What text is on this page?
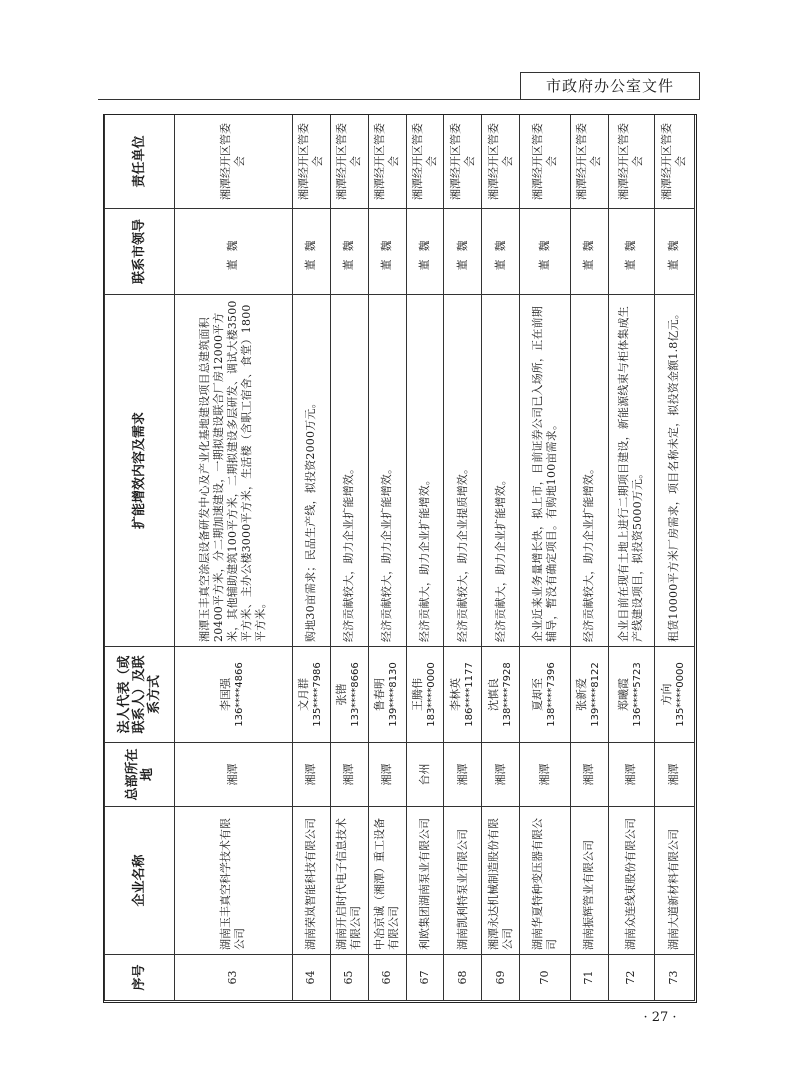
市政府办公室文件
序号	企业名称	总部所在地	法人代表（或联系人）及联系方式	扩能增效内容及需求	联系市领导	责任单位
63	湖南玉丰真空科学技术有限公司	湘潭	李国强 136****4866	湘潭玉丰真空涂层设备研发中心及产业化基地建设项目总建筑面积20400平方米，分二期加速建设，一期拟建设联合厂房12000平方米，其他辅助建筑100平方米，二期拟建设多层研发、调试大楼3500平方米、主办公楼3000平方米，生活楼（含职工宿舍、食堂）1800平方米。	董魏	湘潭经开区管委会
64	湖南荣岚智能科技有限公司	湘潭	文月群 135****7986	购地30亩需求；民品生产线，拟投资2000万元。	董魏	湘潭经开区管委会
65	湖南开启时代电子信息技术有限公司	湘潭	张锴 133****8666	经济贡献较大，助力企业扩能增效。	董魏	湘潭经开区管委会
66	中冶京诚（湘潭）重工设备有限公司	湘潭	鲁春明 139****8130	经济贡献较大，助力企业扩能增效。	董魏	湘潭经开区管委会
67	利欧集团湖南泵业有限公司	台州	王腾伟 183****0000	经济贡献大，助力企业扩能增效。	董魏	湘潭经开区管委会
68	湖南凯利特泵业有限公司	湘潭	李林英 186****1177	经济贡献较大，助力企业提质增效。	董魏	湘潭经开区管委会
69	湘潭永达机械制造股份有限公司	湘潭	沈慎良 138****7928	经济贡献大，助力企业扩能增效。	董魏	湘潭经开区管委会
70	湖南华夏特种变压器有限公司	湘潭	夏却至 138****7396	企业近来业务量增长快，拟上市，目前证券公司已入场所，正在前期辅导，暂没有确定项目。有购地100亩需求。	董魏	湘潭经开区管委会
71	湖南振辉管业有限公司	湘潭	张新爱 139****8122	经济贡献较大，助力企业扩能增效。	董魏	湘潭经开区管委会
72	湖南众连线束股份有限公司	湘潭	郑曦霞 136****5723	企业目前在现有土地上进行二期项目建设，新能源线束与柜体集成生产线建设项目，拟投资5000万元。	董魏	湘潭经开区管委会
73	湖南大道新材料有限公司	湘潭	方向 135****0000	租赁10000平方米厂房需求，项目名称未定，拟投资金额1.8亿元。	董魏	湘潭经开区管委会
· 27 ·
